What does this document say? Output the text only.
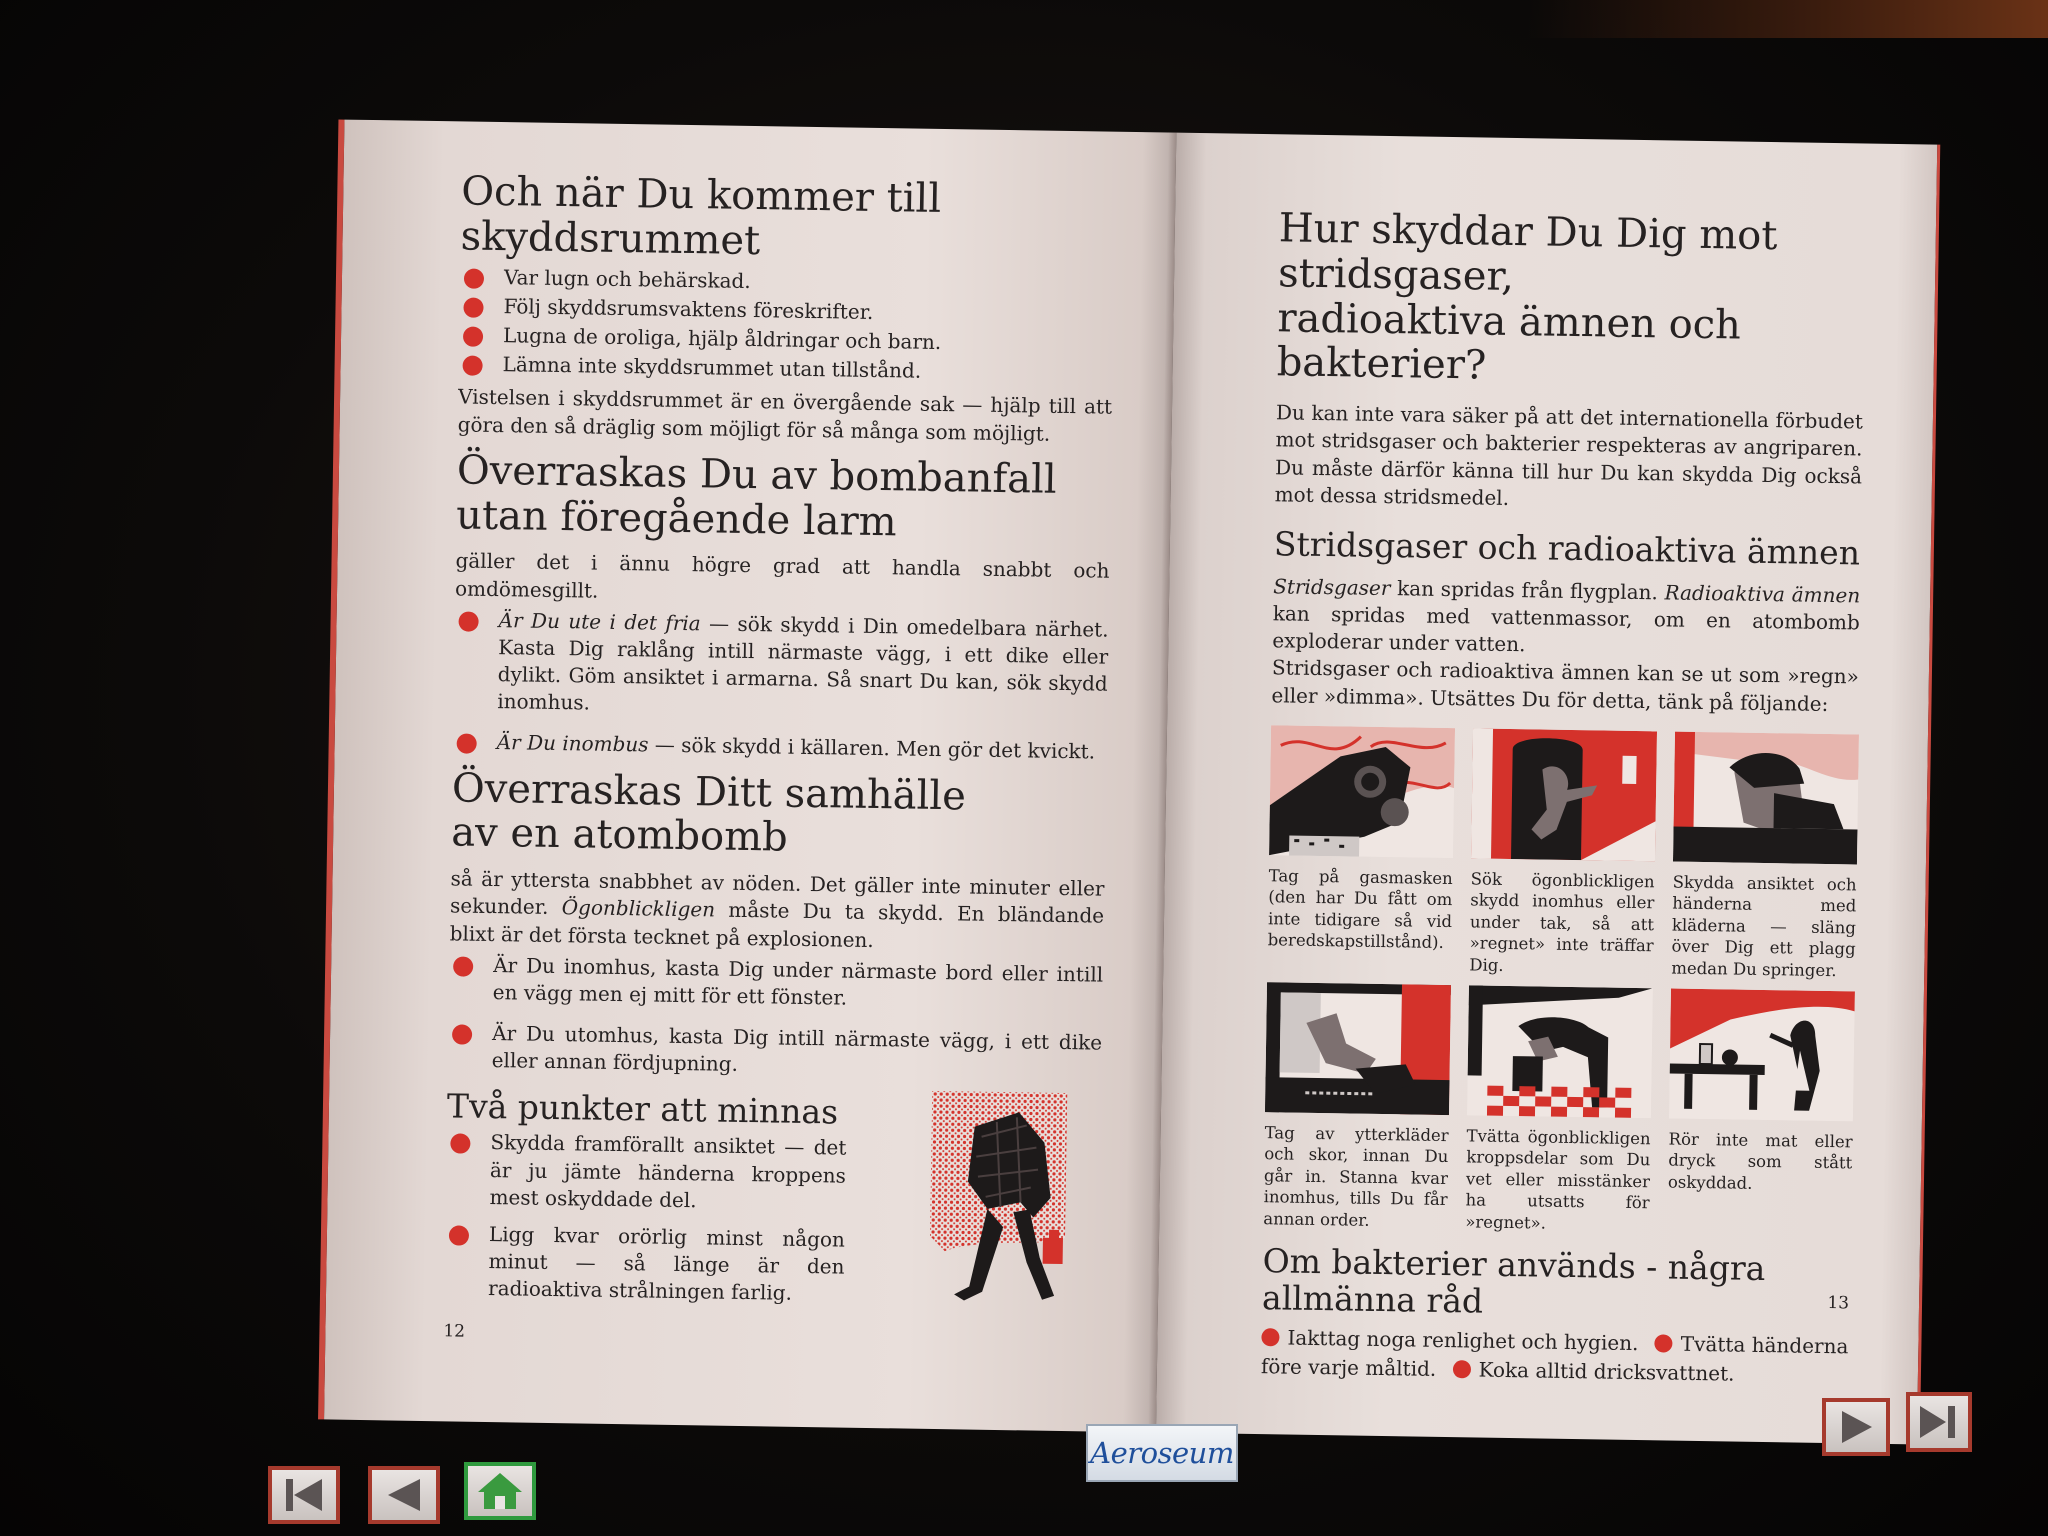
Och när Du kommer till skyddsrummet
Var lugn och behärskad.
Följ skyddsrumsvaktens föreskrifter.
Lugna de oroliga, hjälp åldringar och barn.
Lämna inte skyddsrummet utan tillstånd.

Vistelsen i skyddsrummet är en övergående sak — hjälp till att göra den så dräglig som möjligt för så många som möjligt.

Överraskas Du av bombanfall
utan föregående larm

gäller det i ännu högre grad att handla snabbt och omdömesgillt.

Är Du ute i det fria — sök skydd i Din omedelbara närhet. Kasta Dig raklång intill närmaste vägg, i ett dike eller dylikt. Göm ansiktet i armarna. Så snart Du kan, sök skydd inomhus.
Är Du inombus — sök skydd i källaren. Men gör det kvickt.
Överraskas Ditt samhälle
av en atombomb

så är yttersta snabbhet av nöden. Det gäller inte minuter eller sekunder. Ögonblickligen måste Du ta skydd. En bländande blixt är det första tecknet på explosionen.

Är Du inomhus, kasta Dig under närmaste bord eller intill en vägg men ej mitt för ett fönster.
Är Du utomhus, kasta Dig intill närmaste vägg, i ett dike eller annan fördjupning.
Två punkter att minnas
Skydda framförallt ansiktet — det är ju jämte händerna kroppens mest oskyddade del.
Ligg kvar orörlig minst någon minut — så länge är den radioaktiva strålningen farlig.
12
Hur skyddar Du Dig mot stridsgaser,
radioaktiva ämnen och bakterier?

Du kan inte vara säker på att det internationella förbudet mot stridsgaser och bakterier respekteras av angriparen. Du måste därför känna till hur Du kan skydda Dig också mot dessa stridsmedel.

Stridsgaser och radioaktiva ämnen

Stridsgaser kan spridas från flygplan. Radioaktiva ämnen kan spridas med vattenmassor, om en atombomb exploderar under vatten.

Stridsgaser och radioaktiva ämnen kan se ut som »regn» eller »dimma». Utsättes Du för detta, tänk på följande:

Tag på gasmasken (den har Du fått om inte tidigare så vid beredskapstillstånd).
Sök ögonblickligen skydd inomhus eller under tak, så att »regnet» inte träffar Dig.
Skydda ansiktet och händerna med kläderna — släng över Dig ett plagg medan Du springer.
Tag av ytterkläder och skor, innan Du går in. Stanna kvar inomhus, tills Du får annan order.
Tvätta ögonblickligen kroppsdelar som Du vet eller misstänker ha utsatts för »regnet».
Rör inte mat eller dryck som stått oskyddad.
Om bakterier används - några allmänna råd

Iakttag noga renlighet och hygien. Tvätta händerna före varje måltid. Koka alltid dricksvattnet.

13
Aeroseum
